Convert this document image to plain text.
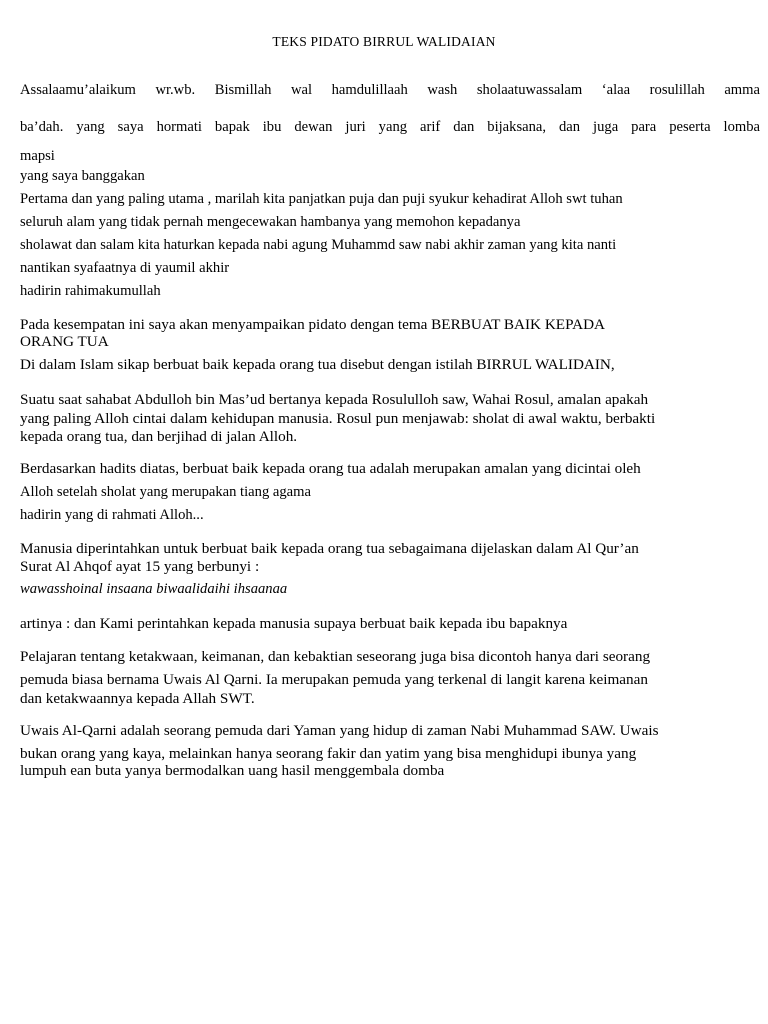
TEKS PIDATO BIRRUL WALIDAIAN
Assalaamu’alaikum wr.wb. Bismillah wal hamdulillaah wash sholaatuwassalam ‘alaa rosulillah amma
ba’dah. yang saya hormati bapak ibu dewan juri yang arif dan bijaksana, dan juga para peserta lomba
mapsi
yang saya banggakan
Pertama dan yang paling utama , marilah kita panjatkan puja dan puji syukur kehadirat Alloh swt tuhan
seluruh alam yang tidak pernah mengecewakan hambanya yang memohon kepadanya
sholawat dan salam kita haturkan kepada nabi agung Muhammd saw nabi akhir zaman yang kita nanti
nantikan syafaatnya di yaumil akhir
hadirin rahimakumullah
Pada kesempatan ini saya akan menyampaikan pidato dengan tema BERBUAT BAIK KEPADA
ORANG TUA
Di dalam Islam sikap berbuat baik kepada orang tua disebut dengan istilah BIRRUL WALIDAIN,
Suatu saat sahabat Abdulloh bin Mas’ud bertanya kepada Rosululloh saw, Wahai Rosul, amalan apakah
yang paling Alloh cintai dalam kehidupan manusia. Rosul pun menjawab: sholat di awal waktu, berbakti
kepada orang tua, dan berjihad di jalan Alloh.
Berdasarkan hadits diatas, berbuat baik kepada orang tua adalah merupakan amalan yang dicintai oleh
Alloh setelah sholat yang merupakan tiang agama
hadirin yang di rahmati Alloh...
Manusia diperintahkan untuk berbuat baik kepada orang tua sebagaimana dijelaskan dalam Al Qur’an
Surat Al Ahqof ayat 15 yang berbunyi :
wawasshoinal insaana biwaalidaihi ihsaanaa
artinya : dan Kami perintahkan kepada manusia supaya berbuat baik kepada ibu bapaknya
Pelajaran tentang ketakwaan, keimanan, dan kebaktian seseorang juga bisa dicontoh hanya dari seorang
pemuda biasa bernama Uwais Al Qarni. Ia merupakan pemuda yang terkenal di langit karena keimanan
dan ketakwaannya kepada Allah SWT.
Uwais Al-Qarni adalah seorang pemuda dari Yaman yang hidup di zaman Nabi Muhammad SAW. Uwais
bukan orang yang kaya, melainkan hanya seorang fakir dan yatim yang bisa menghidupi ibunya yang
lumpuh ean buta yanya bermodalkan uang hasil menggembala domba
